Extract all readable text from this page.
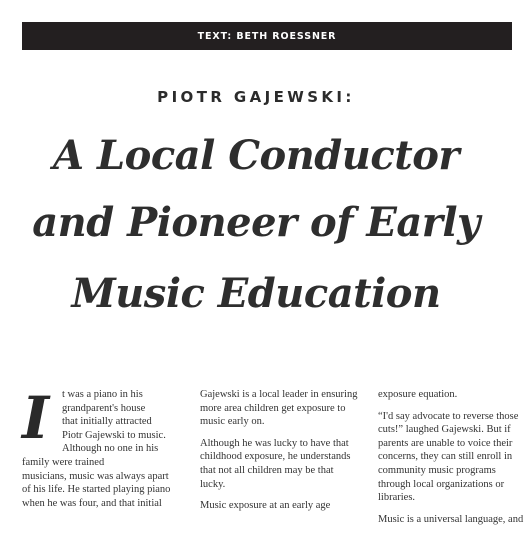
TEXT: BETH ROESSNER
PIOTR GAJEWSKI:
A Local Conductor
and Pioneer of Early
Music Education
I	t was a piano in his
grandparent's house
that initially attracted
Piotr Gajewski to music.
Although no one in his
family were trained
musicians, music was always apart
of his life. He started playing piano
when he was four, and that initial

Gajewski is a local leader in ensuring more area children get exposure to music early on.

Although he was lucky to have that childhood exposure, he understands that not all children may be that lucky.

Music exposure at an early age

exposure equation.

“I'd say advocate to reverse those cuts!” laughed Gajewski. But if parents are unable to voice their concerns, they can still enroll in community music programs through local organizations or libraries.

Music is a universal language, and
